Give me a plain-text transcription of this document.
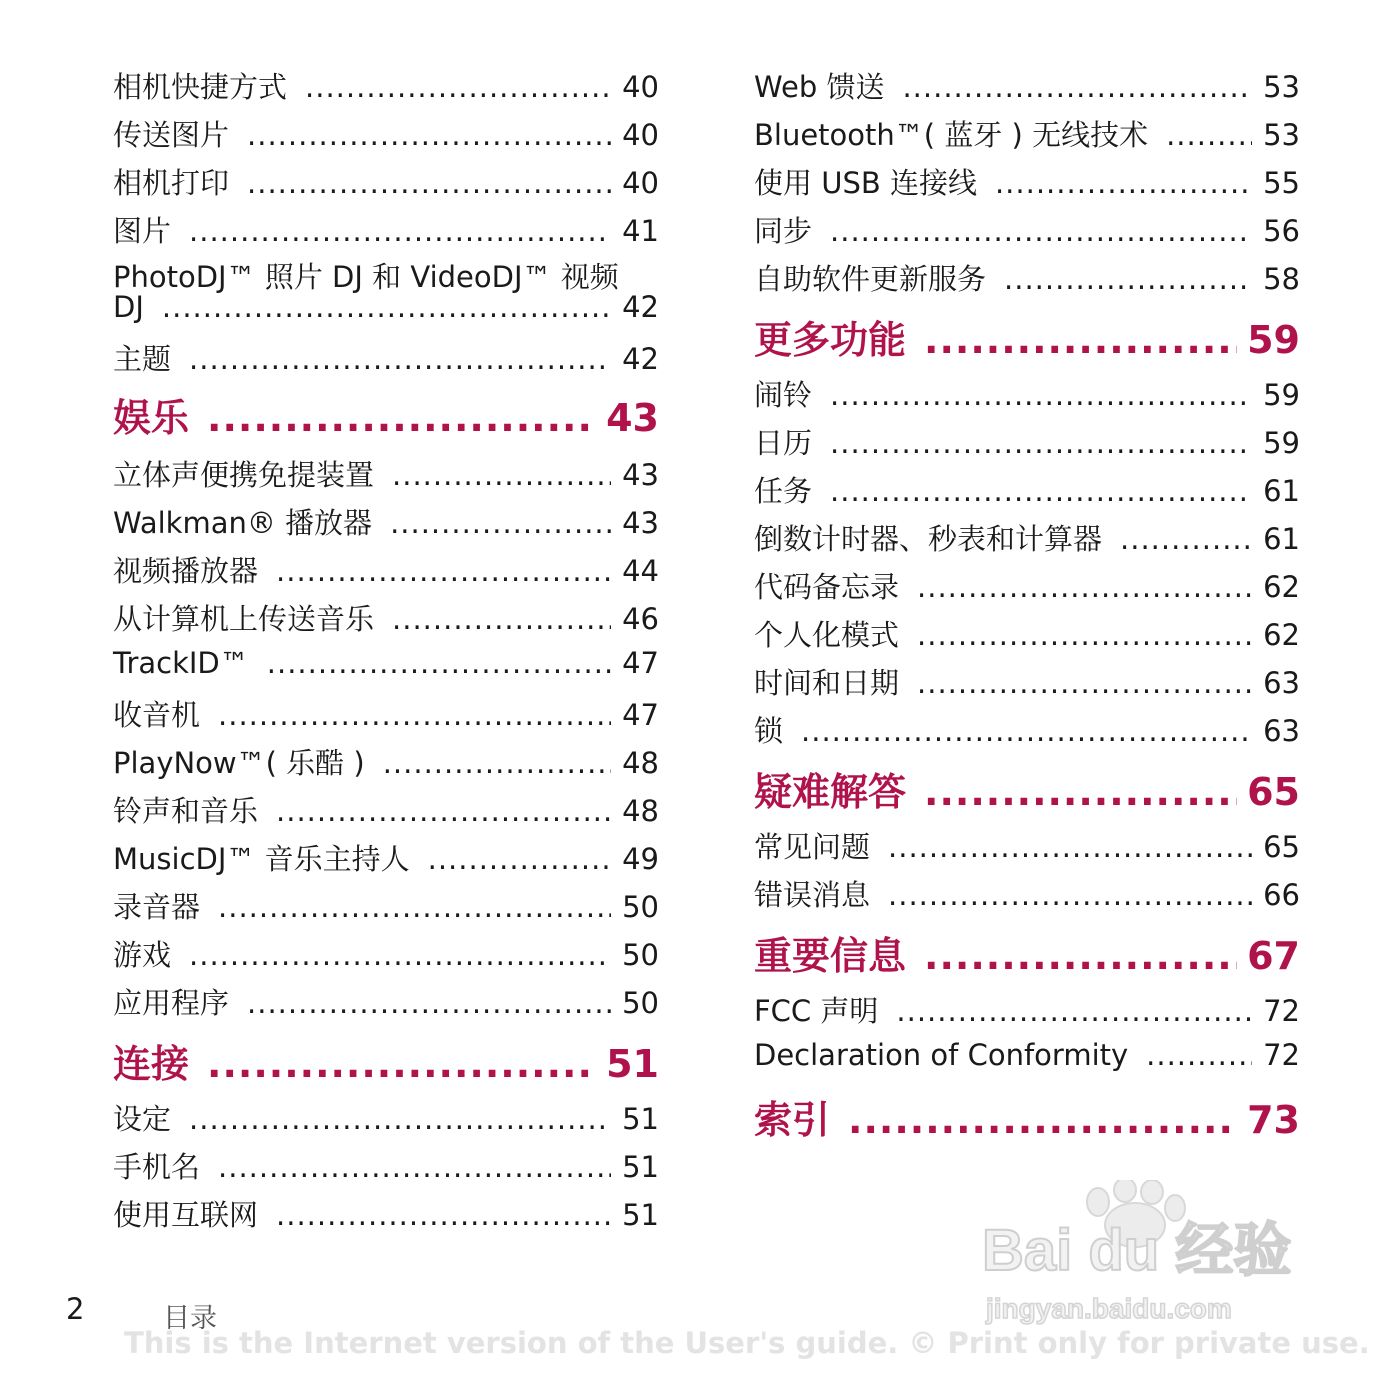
相机快捷方式 .....	40
传送图片 .....	40
相机打印 .....	40
图片 .....	41
PhotoDJ™ 照片 DJ 和 VideoDJ™ 视频
DJ .....	42
主题 .....	42
娱乐 .....	43
立体声便携免提装置 .....	43
Walkman® 播放器 .....	43
视频播放器 .....	44
从计算机上传送音乐 .....	46
TrackID™ .....	47
收音机 .....	47
PlayNow™( 乐酷 ) .....	48
铃声和音乐 .....	48
MusicDJ™ 音乐主持人 .....	49
录音器 .....	50
游戏 .....	50
应用程序 .....	50
连接 .....	51
设定 .....	51
手机名 .....	51
使用互联网 .....	51
Web 馈送 .....	53
Bluetooth™( 蓝牙 ) 无线技术 .....	53
使用 USB 连接线 .....	55
同步 .....	56
自助软件更新服务 .....	58
更多功能 .....	59
闹铃 .....	59
日历 .....	59
任务 .....	61
倒数计时器、秒表和计算器 .....	61
代码备忘录 .....	62
个人化模式 .....	62
时间和日期 .....	63
锁 .....	63
疑难解答 .....	65
常见问题 .....	65
错误消息 .....	66
重要信息 .....	67
FCC 声明 .....	72
Declaration of Conformity .....	72
索引 .....	73
Bai du 经验
jingyan.baidu.com
2	目录
This is the Internet version of the User's guide. © Print only for private use.
